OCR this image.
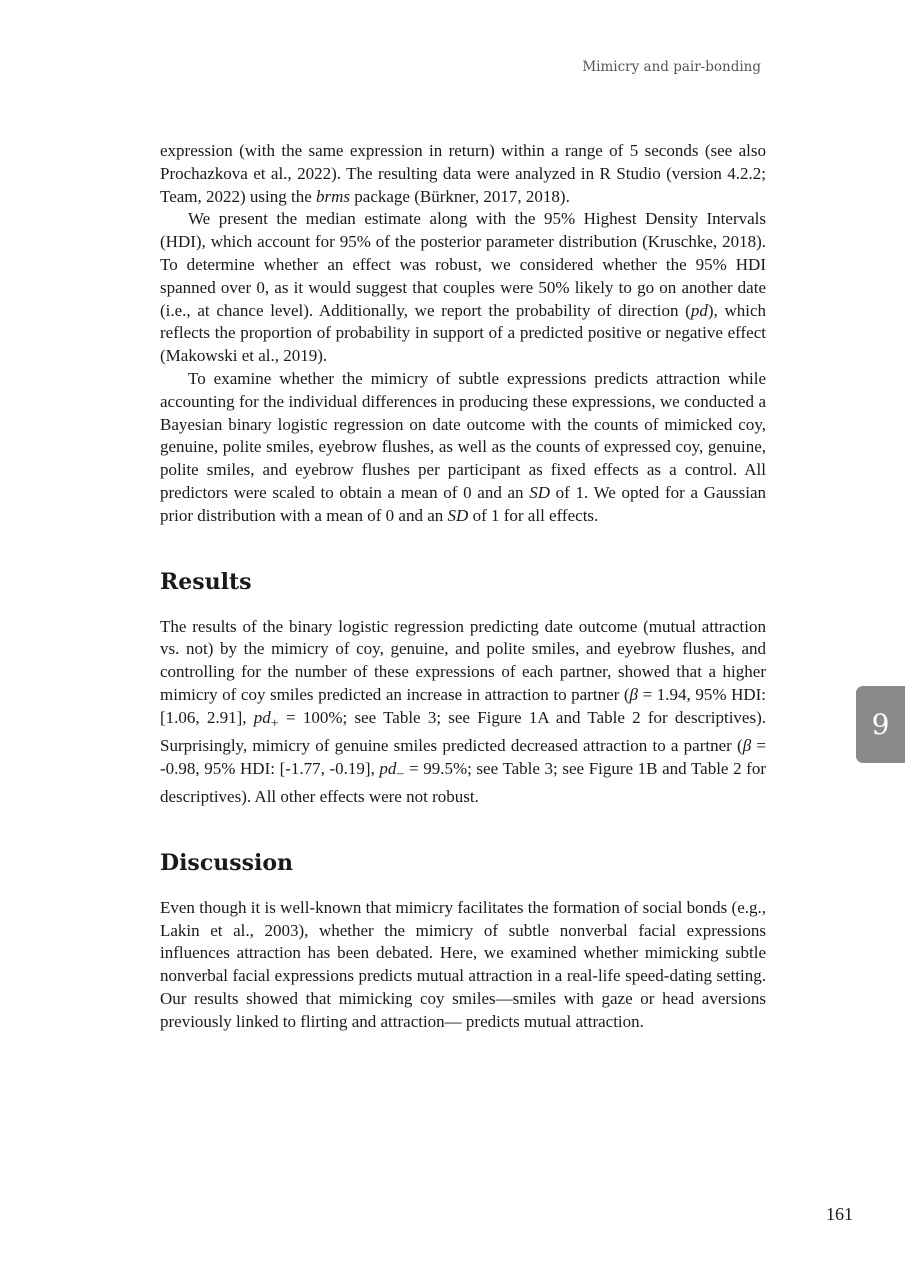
Mimicry and pair-bonding

expression (with the same expression in return) within a range of 5 seconds (see also Prochazkova et al., 2022). The resulting data were analyzed in R Studio (version 4.2.2; Team, 2022) using the brms package (Bürkner, 2017, 2018).

We present the median estimate along with the 95% Highest Density Intervals (HDI), which account for 95% of the posterior parameter distribution (Kruschke, 2018). To determine whether an effect was robust, we considered whether the 95% HDI spanned over 0, as it would suggest that couples were 50% likely to go on another date (i.e., at chance level). Additionally, we report the probability of direction (pd), which reflects the proportion of probability in support of a predicted positive or negative effect (Makowski et al., 2019).

To examine whether the mimicry of subtle expressions predicts attraction while accounting for the individual differences in producing these expressions, we conducted a Bayesian binary logistic regression on date outcome with the counts of mimicked coy, genuine, polite smiles, eyebrow flushes, as well as the counts of expressed coy, genuine, polite smiles, and eyebrow flushes per participant as fixed effects as a control. All predictors were scaled to obtain a mean of 0 and an SD of 1. We opted for a Gaussian prior distribution with a mean of 0 and an SD of 1 for all effects.

Results

The results of the binary logistic regression predicting date outcome (mutual attraction vs. not) by the mimicry of coy, genuine, and polite smiles, and eyebrow flushes, and controlling for the number of these expressions of each partner, showed that a higher mimicry of coy smiles predicted an increase in attraction to partner (β = 1.94, 95% HDI: [1.06, 2.91], $pd_+ = 100\%$; see Table 3; see Figure 1A and Table 2 for descriptives). Surprisingly, mimicry of genuine smiles predicted decreased attraction to a partner (β = -0.98, 95% HDI: [-1.77, -0.19], $pd_- = 99.5\%$; see Table 3; see Figure 1B and Table 2 for descriptives). All other effects were not robust.

Discussion

Even though it is well-known that mimicry facilitates the formation of social bonds (e.g., Lakin et al., 2003), whether the mimicry of subtle nonverbal facial expressions influences attraction has been debated. Here, we examined whether mimicking subtle nonverbal facial expressions predicts mutual attraction in a real-life speed-dating setting. Our results showed that mimicking coy smiles—smiles with gaze or head aversions previously linked to flirting and attraction— predicts mutual attraction.

9
161
